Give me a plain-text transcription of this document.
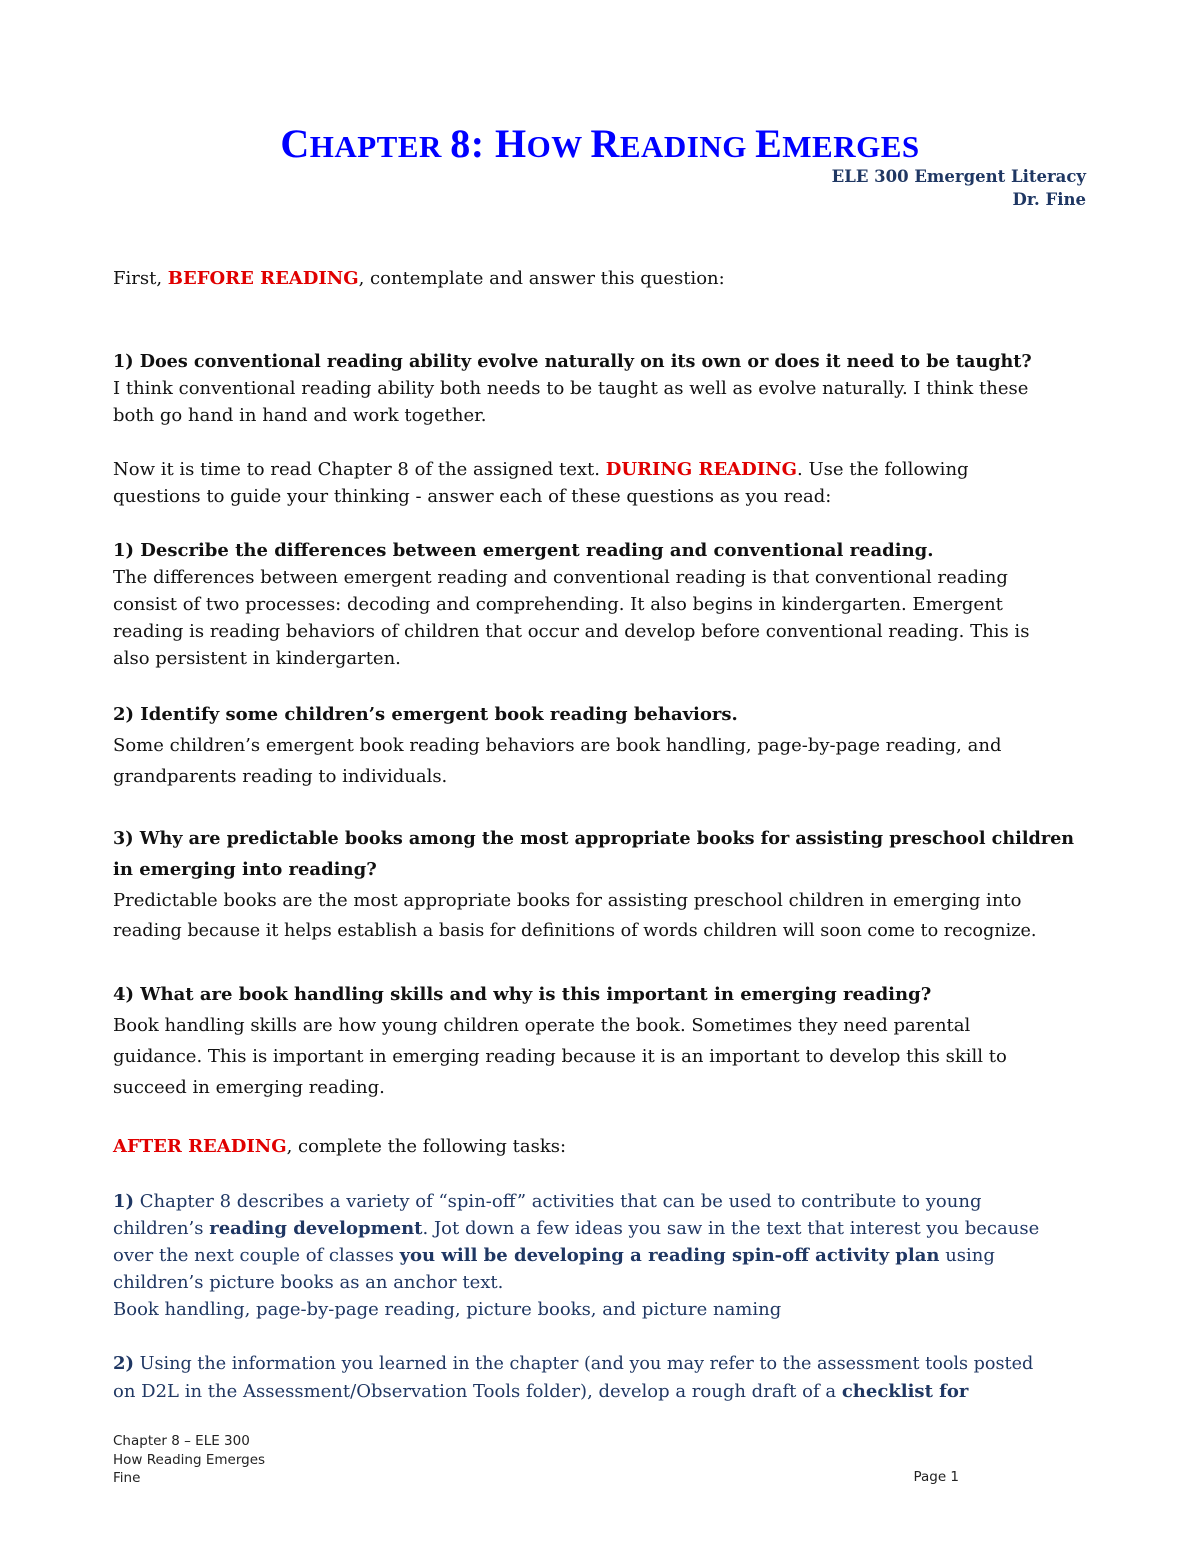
CHAPTER 8: HOW READING EMERGES
ELE 300 Emergent Literacy
Dr. Fine
First, BEFORE READING, contemplate and answer this question:
1) Does conventional reading ability evolve naturally on its own or does it need to be taught?
I think conventional reading ability both needs to be taught as well as evolve naturally. I think these
both go hand in hand and work together.
Now it is time to read Chapter 8 of the assigned text. DURING READING. Use the following
questions to guide your thinking - answer each of these questions as you read:
1) Describe the differences between emergent reading and conventional reading.
The differences between emergent reading and conventional reading is that conventional reading
consist of two processes: decoding and comprehending. It also begins in kindergarten. Emergent
reading is reading behaviors of children that occur and develop before conventional reading. This is
also persistent in kindergarten.
2) Identify some children’s emergent book reading behaviors.
Some children’s emergent book reading behaviors are book handling, page-by-page reading, and
grandparents reading to individuals.
3) Why are predictable books among the most appropriate books for assisting preschool children
in emerging into reading?
Predictable books are the most appropriate books for assisting preschool children in emerging into
reading because it helps establish a basis for definitions of words children will soon come to recognize.
4) What are book handling skills and why is this important in emerging reading?
Book handling skills are how young children operate the book. Sometimes they need parental
guidance. This is important in emerging reading because it is an important to develop this skill to
succeed in emerging reading.
AFTER READING, complete the following tasks:
1) Chapter 8 describes a variety of “spin-off” activities that can be used to contribute to young
children’s reading development. Jot down a few ideas you saw in the text that interest you because
over the next couple of classes you will be developing a reading spin-off activity plan using
children’s picture books as an anchor text.
Book handling, page-by-page reading, picture books, and picture naming
2) Using the information you learned in the chapter (and you may refer to the assessment tools posted
on D2L in the Assessment/Observation Tools folder), develop a rough draft of a checklist for
Chapter 8 – ELE 300
How Reading Emerges
Fine	Page 1
